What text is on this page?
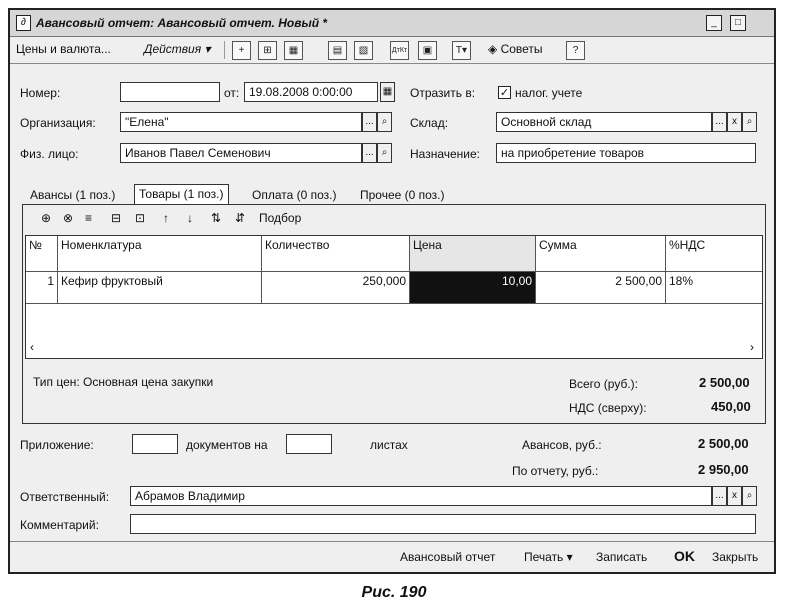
∂ Авансовый отчет: Авансовый отчет. Новый *	_	□
Цены и валюта...	Действия ▾	+	⊞	▦	▤	▧	ДтКт	▣	T▾	◈ Советы	?
Номер:	от: 19.08.2008 0:00:00	▦ Отразить в: ✓ налог. учете
Организация:	"Елена"	... ⌕	Склад:	Основной склад	... x ⌕
Физ. лицо:	Иванов Павел Семенович	... ⌕	Назначение:	на приобретение товаров
Авансы (1 поз.)	Товары (1 поз.)	Оплата (0 поз.)	Прочее (0 поз.)
⊕ ⊗ ≡ ⊟ ⊡ ↑ ↓ ⇅ ⇵ Подбор
№	Номенклатура	Количество	Цена	Сумма	%НДС
1 Кефир фруктовый	250,000	10,00	2 500,00 18%
‹	›
Тип цен: Основная цена закупки	Всего (руб.):	2 500,00
НДС (сверху):	450,00
Приложение:	документов на	листах	Авансов, руб.:	2 500,00
По отчету, руб.:	2 950,00
Ответственный:	Абрамов Владимир	... x ⌕
Комментарий:
Авансовый отчет Печать ▾ Записать OK Закрыть
Рис. 190
